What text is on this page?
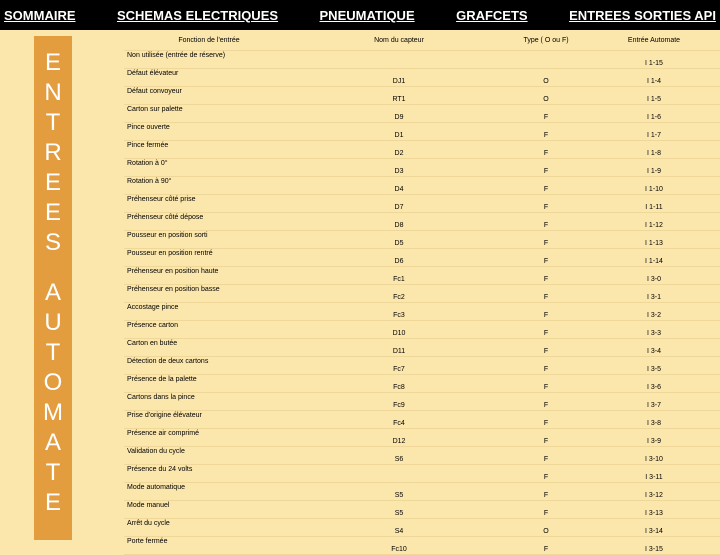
SOMMAIRE	SCHEMAS ELECTRIQUES	PNEUMATIQUE	GRAFCETS	ENTREES SORTIES API
E
N
T
R
E
E
S
A
U
T
O
M
A
T
E
Fonction de l'entrée	Nom du capteur	Type ( O ou F)	Entrée Automate
Non utilisée (entrée de réserve)			I 1-15
Défaut élévateur	DJ1	O	I 1-4
Défaut convoyeur	RT1	O	I 1-5
Carton sur palette	D9	F	I 1-6
Pince ouverte	D1	F	I 1-7
Pince fermée	D2	F	I 1-8
Rotation à 0°	D3	F	I 1-9
Rotation à 90°	D4	F	I 1-10
Préhenseur côté prise	D7	F	I 1-11
Préhenseur côté dépose	D8	F	I 1-12
Pousseur en position sorti	D5	F	I 1-13
Pousseur en position rentré	D6	F	I 1-14
Préhenseur en position haute	Fc1	F	I 3-0
Préhenseur en position basse	Fc2	F	I 3-1
Accostage pince	Fc3	F	I 3-2
Présence carton	D10	F	I 3-3
Carton en butée	D11	F	I 3-4
Détection de deux cartons	Fc7	F	I 3-5
Présence de la palette	Fc8	F	I 3-6
Cartons dans la pince	Fc9	F	I 3-7
Prise d'origine élévateur	Fc4	F	I 3-8
Présence air comprimé	D12	F	I 3-9
Validation du cycle	S6	F	I 3-10
Présence du 24 volts		F	I 3-11
Mode automatique	S5	F	I 3-12
Mode manuel	S5	F	I 3-13
Arrêt du cycle	S4	O	I 3-14
Porte fermée	Fc10	F	I 3-15
